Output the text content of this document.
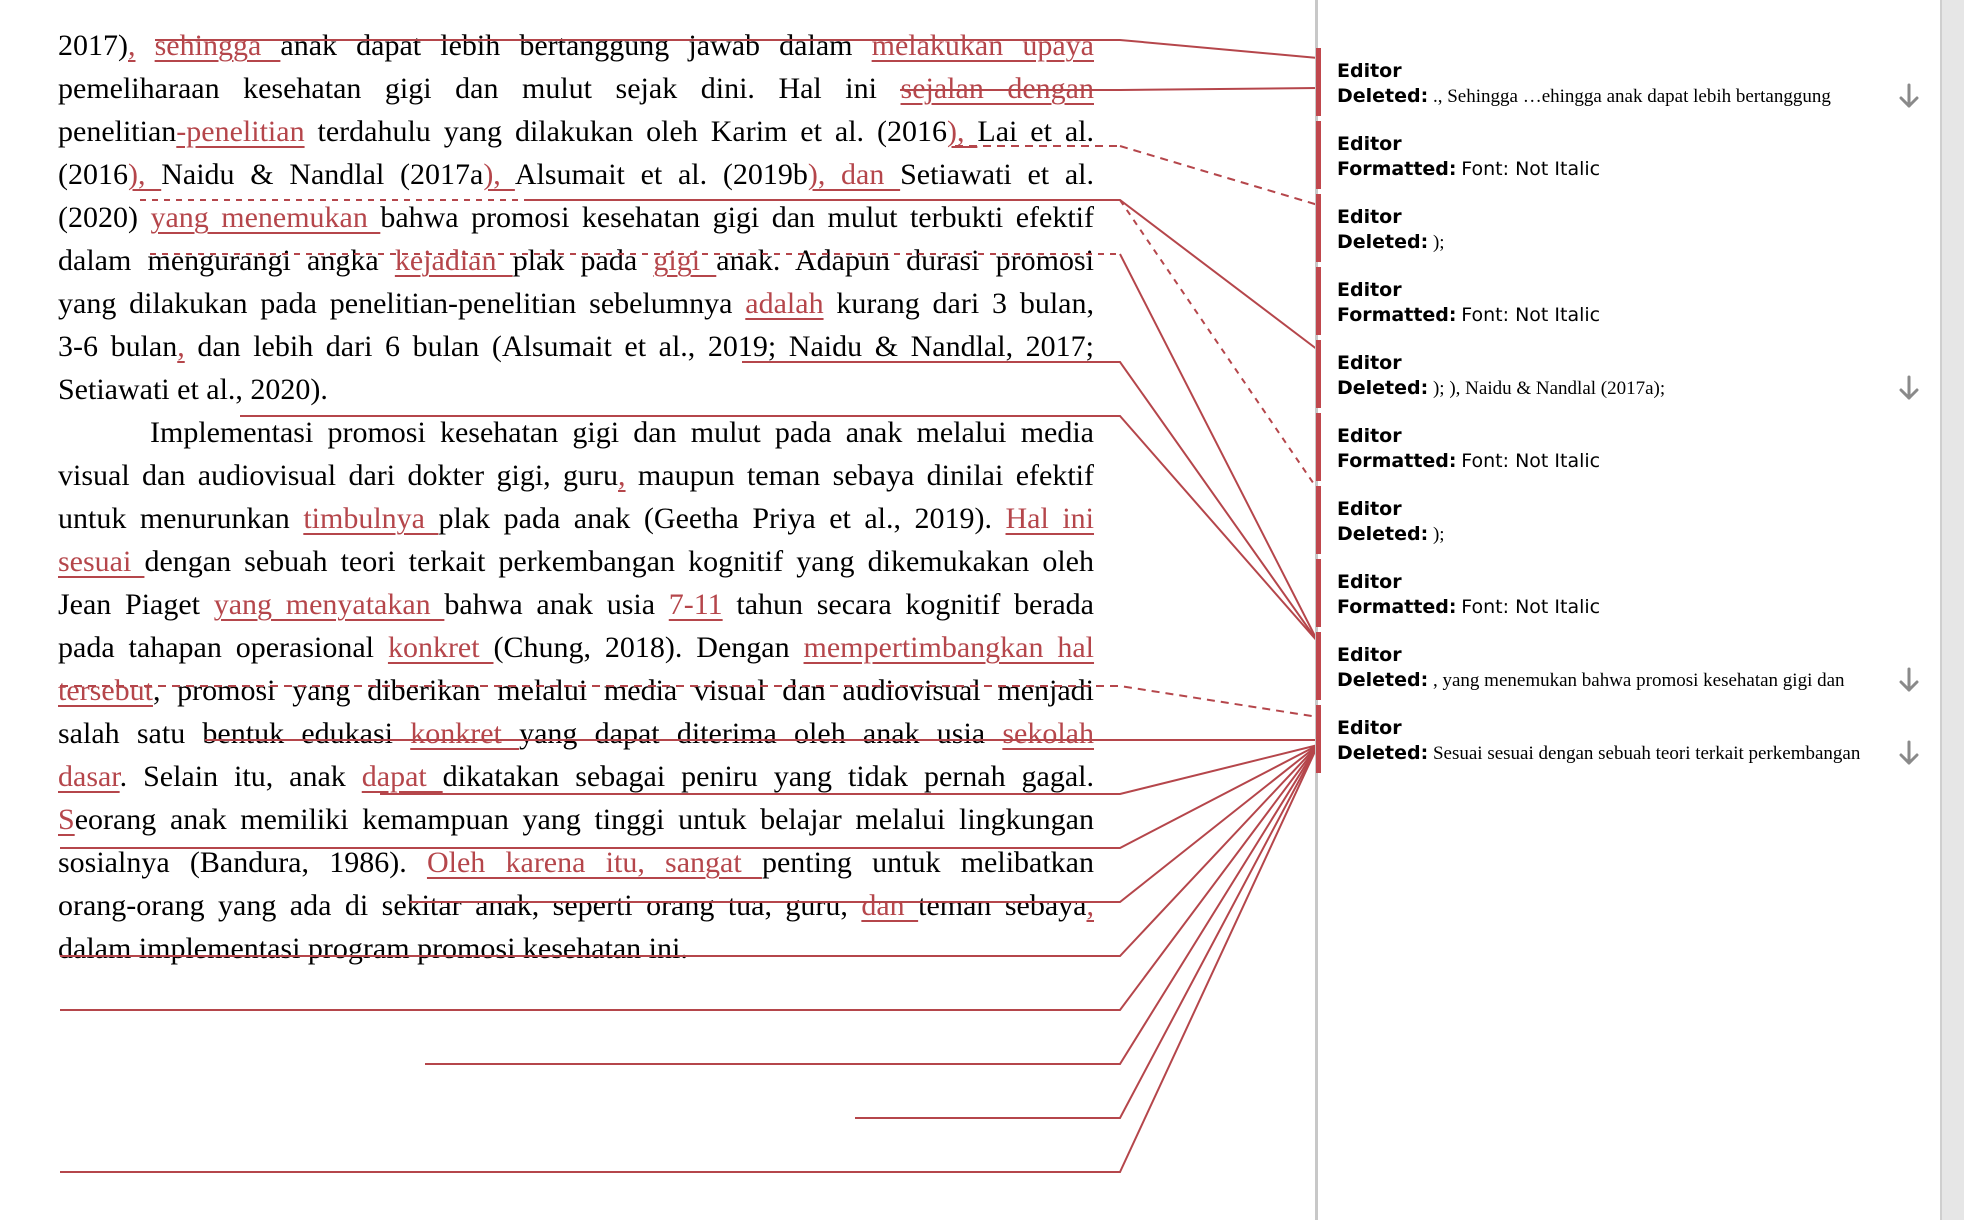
2017), sehingga anak dapat lebih bertanggung jawab dalam melakukan upaya
pemeliharaan kesehatan gigi dan mulut sejak dini. Hal ini sejalan dengan
penelitian-penelitian terdahulu yang dilakukan oleh Karim et al. (2016), Lai et al.
(2016), Naidu & Nandlal (2017a), Alsumait et al. (2019b), dan Setiawati et al.
(2020) yang menemukan bahwa promosi kesehatan gigi dan mulut terbukti efektif
dalam mengurangi angka kejadian plak pada gigi anak. Adapun durasi promosi
yang dilakukan pada penelitian-penelitian sebelumnya adalah kurang dari 3 bulan,
3-6 bulan, dan lebih dari 6 bulan (Alsumait et al., 2019; Naidu & Nandlal, 2017;
Setiawati et al., 2020).
Implementasi promosi kesehatan gigi dan mulut pada anak melalui media
visual dan audiovisual dari dokter gigi, guru, maupun teman sebaya dinilai efektif
untuk menurunkan timbulnya plak pada anak (Geetha Priya et al., 2019). Hal ini
sesuai dengan sebuah teori terkait perkembangan kognitif yang dikemukakan oleh
Jean Piaget yang menyatakan bahwa anak usia 7-11 tahun secara kognitif berada
pada tahapan operasional konkret (Chung, 2018). Dengan mempertimbangkan hal
tersebut, promosi yang diberikan melalui media visual dan audiovisual menjadi
salah satu bentuk edukasi konkret yang dapat diterima oleh anak usia sekolah
dasar. Selain itu, anak dapat dikatakan sebagai peniru yang tidak pernah gagal.
Seorang anak memiliki kemampuan yang tinggi untuk belajar melalui lingkungan
sosialnya (Bandura, 1986). Oleh karena itu, sangat penting untuk melibatkan
orang-orang yang ada di sekitar anak, seperti orang tua, guru, dan teman sebaya,
dalam implementasi program promosi kesehatan ini.
Editor
Deleted: ., Sehingga …ehingga anak dapat lebih bertanggung
Editor
Formatted: Font: Not Italic
Editor
Deleted: );
Editor
Formatted: Font: Not Italic
Editor
Deleted: ); ), Naidu & Nandlal (2017a);
Editor
Formatted: Font: Not Italic
Editor
Deleted: );
Editor
Formatted: Font: Not Italic
Editor
Deleted: , yang menemukan bahwa promosi kesehatan gigi dan
Editor
Deleted: Sesuai sesuai dengan sebuah teori terkait perkembangan
